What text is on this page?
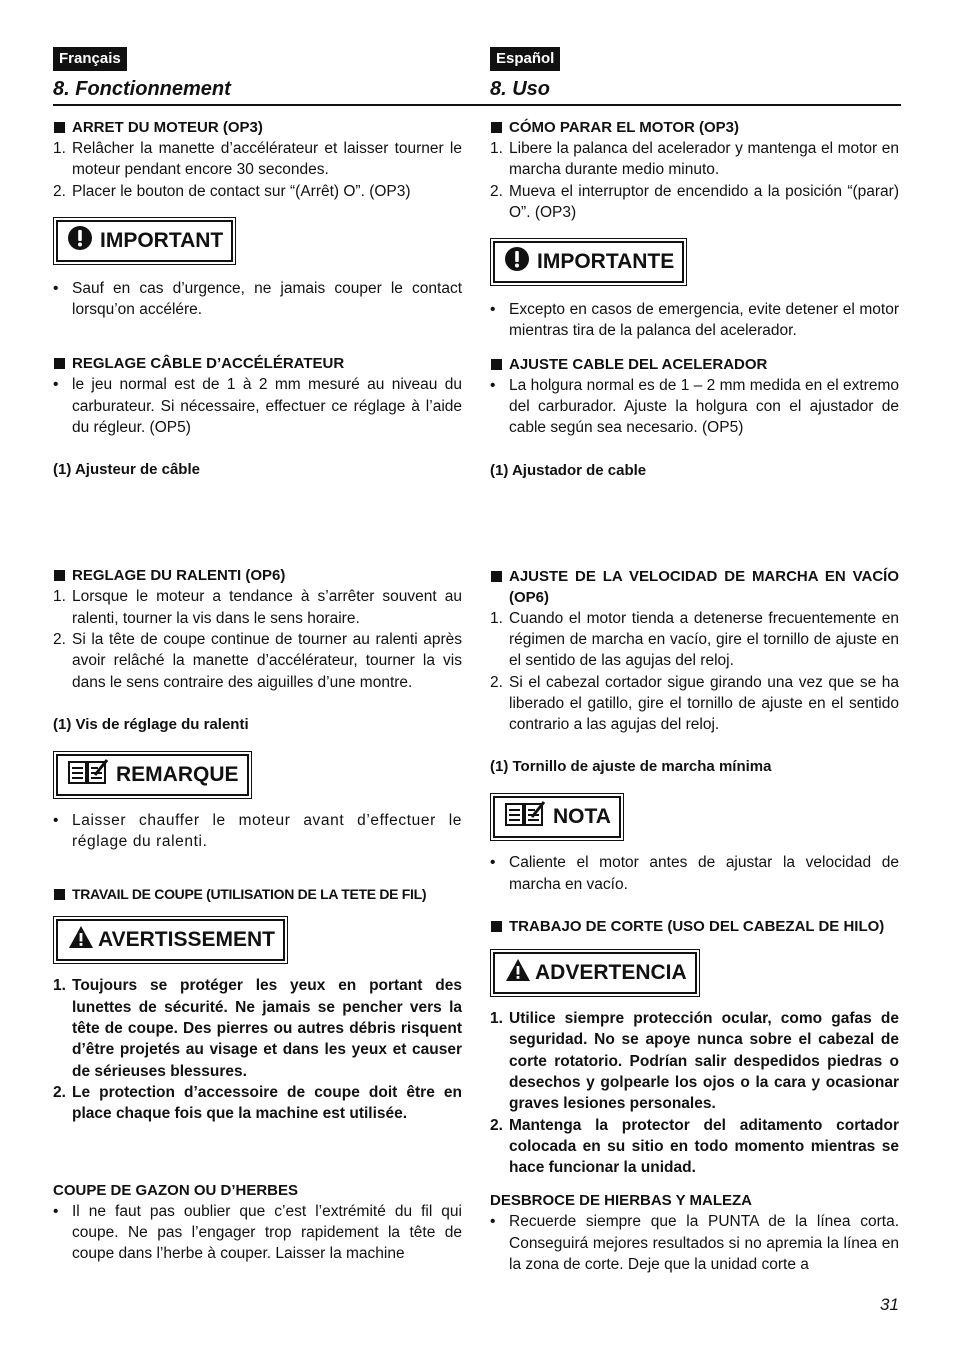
Français
8. Fonctionnement
ARRET DU MOTEUR (OP3)
1. Relâcher la manette d’accélérateur et laisser tourner le moteur pendant encore 30 secondes.
2. Placer le bouton de contact sur “(Arrêt) O”. (OP3)
IMPORTANT
• Sauf en cas d’urgence, ne jamais couper le contact lorsqu’on accélére.
REGLAGE CÂBLE D’ACCÉLÉRATEUR
• le jeu normal est de 1 à 2 mm mesuré au niveau du carburateur. Si nécessaire, effectuer ce réglage à l’aide du régleur. (OP5)
(1) Ajusteur de câble
REGLAGE DU RALENTI (OP6)
1. Lorsque le moteur a tendance à s’arrêter souvent au ralenti, tourner la vis dans le sens horaire.
2. Si la tête de coupe continue de tourner au ralenti après avoir relâché la manette d’accélérateur, tourner la vis dans le sens contraire des aiguilles d’une montre.
(1) Vis de réglage du ralenti
REMARQUE
• Laisser chauffer le moteur avant d’effectuer le réglage du ralenti.
TRAVAIL DE COUPE (UTILISATION DE LA TETE DE FIL)
AVERTISSEMENT
1. Toujours se protéger les yeux en portant des lunettes de sécurité. Ne jamais se pencher vers la tête de coupe. Des pierres ou autres débris risquent d’être projetés au visage et dans les yeux et causer de sérieuses blessures.
2. Le protection d’accessoire de coupe doit être en place chaque fois que la machine est utilisée.
COUPE DE GAZON OU D’HERBES
• Il ne faut pas oublier que c’est l’extrémité du fil qui coupe. Ne pas l’engager trop rapidement la tête de coupe dans l’herbe à couper. Laisser la machine
Español
8. Uso
CÓMO PARAR EL MOTOR (OP3)
1. Libere la palanca del acelerador y mantenga el motor en marcha durante medio minuto.
2. Mueva el interruptor de encendido a la posición “(parar) O”. (OP3)
IMPORTANTE
• Excepto en casos de emergencia, evite detener el motor mientras tira de la palanca del acelerador.
AJUSTE CABLE DEL ACELERADOR
• La holgura normal es de 1 – 2 mm medida en el extremo del carburador. Ajuste la holgura con el ajustador de cable según sea necesario. (OP5)
(1) Ajustador de cable
AJUSTE DE LA VELOCIDAD DE MARCHA EN VACÍO (OP6)
1. Cuando el motor tienda a detenerse frecuentemente en régimen de marcha en vacío, gire el tornillo de ajuste en el sentido de las agujas del reloj.
2. Si el cabezal cortador sigue girando una vez que se ha liberado el gatillo, gire el tornillo de ajuste en el sentido contrario a las agujas del reloj.
(1) Tornillo de ajuste de marcha mínima
NOTA
• Caliente el motor antes de ajustar la velocidad de marcha en vacío.
TRABAJO DE CORTE (USO DEL CABEZAL DE HILO)
ADVERTENCIA
1. Utilice siempre protección ocular, como gafas de seguridad. No se apoye nunca sobre el cabezal de corte rotatorio. Podrían salir despedidos piedras o desechos y golpearle los ojos o la cara y ocasionar graves lesiones personales.
2. Mantenga la protector del aditamento cortador colocada en su sitio en todo momento mientras se hace funcionar la unidad.
DESBROCE DE HIERBAS Y MALEZA
• Recuerde siempre que la PUNTA de la línea corta. Conseguirá mejores resultados si no apremia la línea en la zona de corte. Deje que la unidad corte a
31
